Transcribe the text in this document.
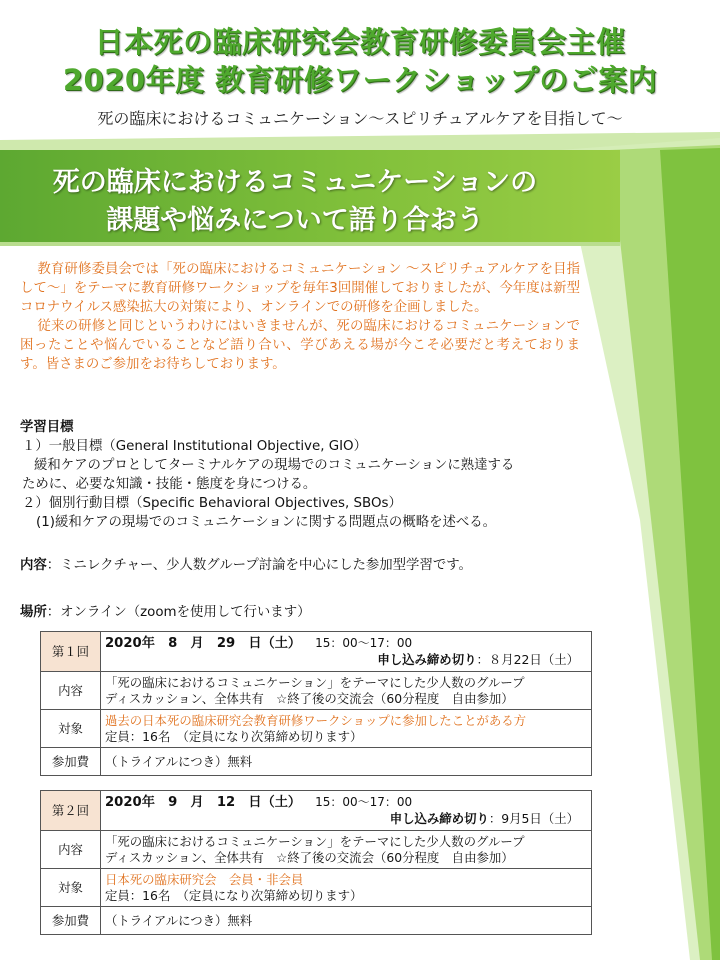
日本死の臨床研究会教育研修委員会主催
2020年度 教育研修ワークショップのご案内
死の臨床におけるコミュニケーション～スピリチュアルケアを目指して～
死の臨床におけるコミュニケーションの
課題や悩みについて語り合おう

教育研修委員会では「死の臨床におけるコミュニケーション ～スピリチュアルケアを目指して～」をテーマに教育研修ワークショップを毎年3回開催しておりましたが、今年度は新型コロナウイルス感染拡大の対策により、オンラインでの研修を企画しました。

従来の研修と同じというわけにはいきませんが、死の臨床におけるコミュニケーションで困ったことや悩んでいることなど語り合い、学びあえる場が今こそ必要だと考えております。皆さまのご参加をお待ちしております。

学習目標
１）一般目標（General Institutional Objective, GIO）
緩和ケアのプロとしてターミナルケアの現場でのコミュニケーションに熟達する
ために、必要な知識・技能・態度を身につける。
２）個別行動目標（Specific Behavioral Objectives, SBOs）
(1)緩和ケアの現場でのコミュニケーションに関する問題点の概略を述べる。
内容：ミニレクチャー、少人数グループ討論を中心にした参加型学習です。
場所：オンライン（zoomを使用して行います）
第１回	2020年　8　月　29　日（土） 15：00～17：00
申し込み締め切り：８月22日（土）

内容	「死の臨床におけるコミュニケーション」をテーマにした少人数のグループ
ディスカッション、全体共有　☆終了後の交流会（60分程度　自由参加）

対象	過去の日本死の臨床研究会教育研修ワークショップに参加したことがある方
定員：16名　（定員になり次第締め切ります）

参加費	（トライアルにつき）無料
第２回	2020年　9　月　12　日（土） 15：00～17：00
申し込み締め切り：9月5日（土）

内容	「死の臨床におけるコミュニケーション」をテーマにした少人数のグループ
ディスカッション、全体共有　☆終了後の交流会（60分程度　自由参加）

対象	日本死の臨床研究会　会員・非会員
定員：16名　（定員になり次第締め切ります）

参加費	（トライアルにつき）無料
